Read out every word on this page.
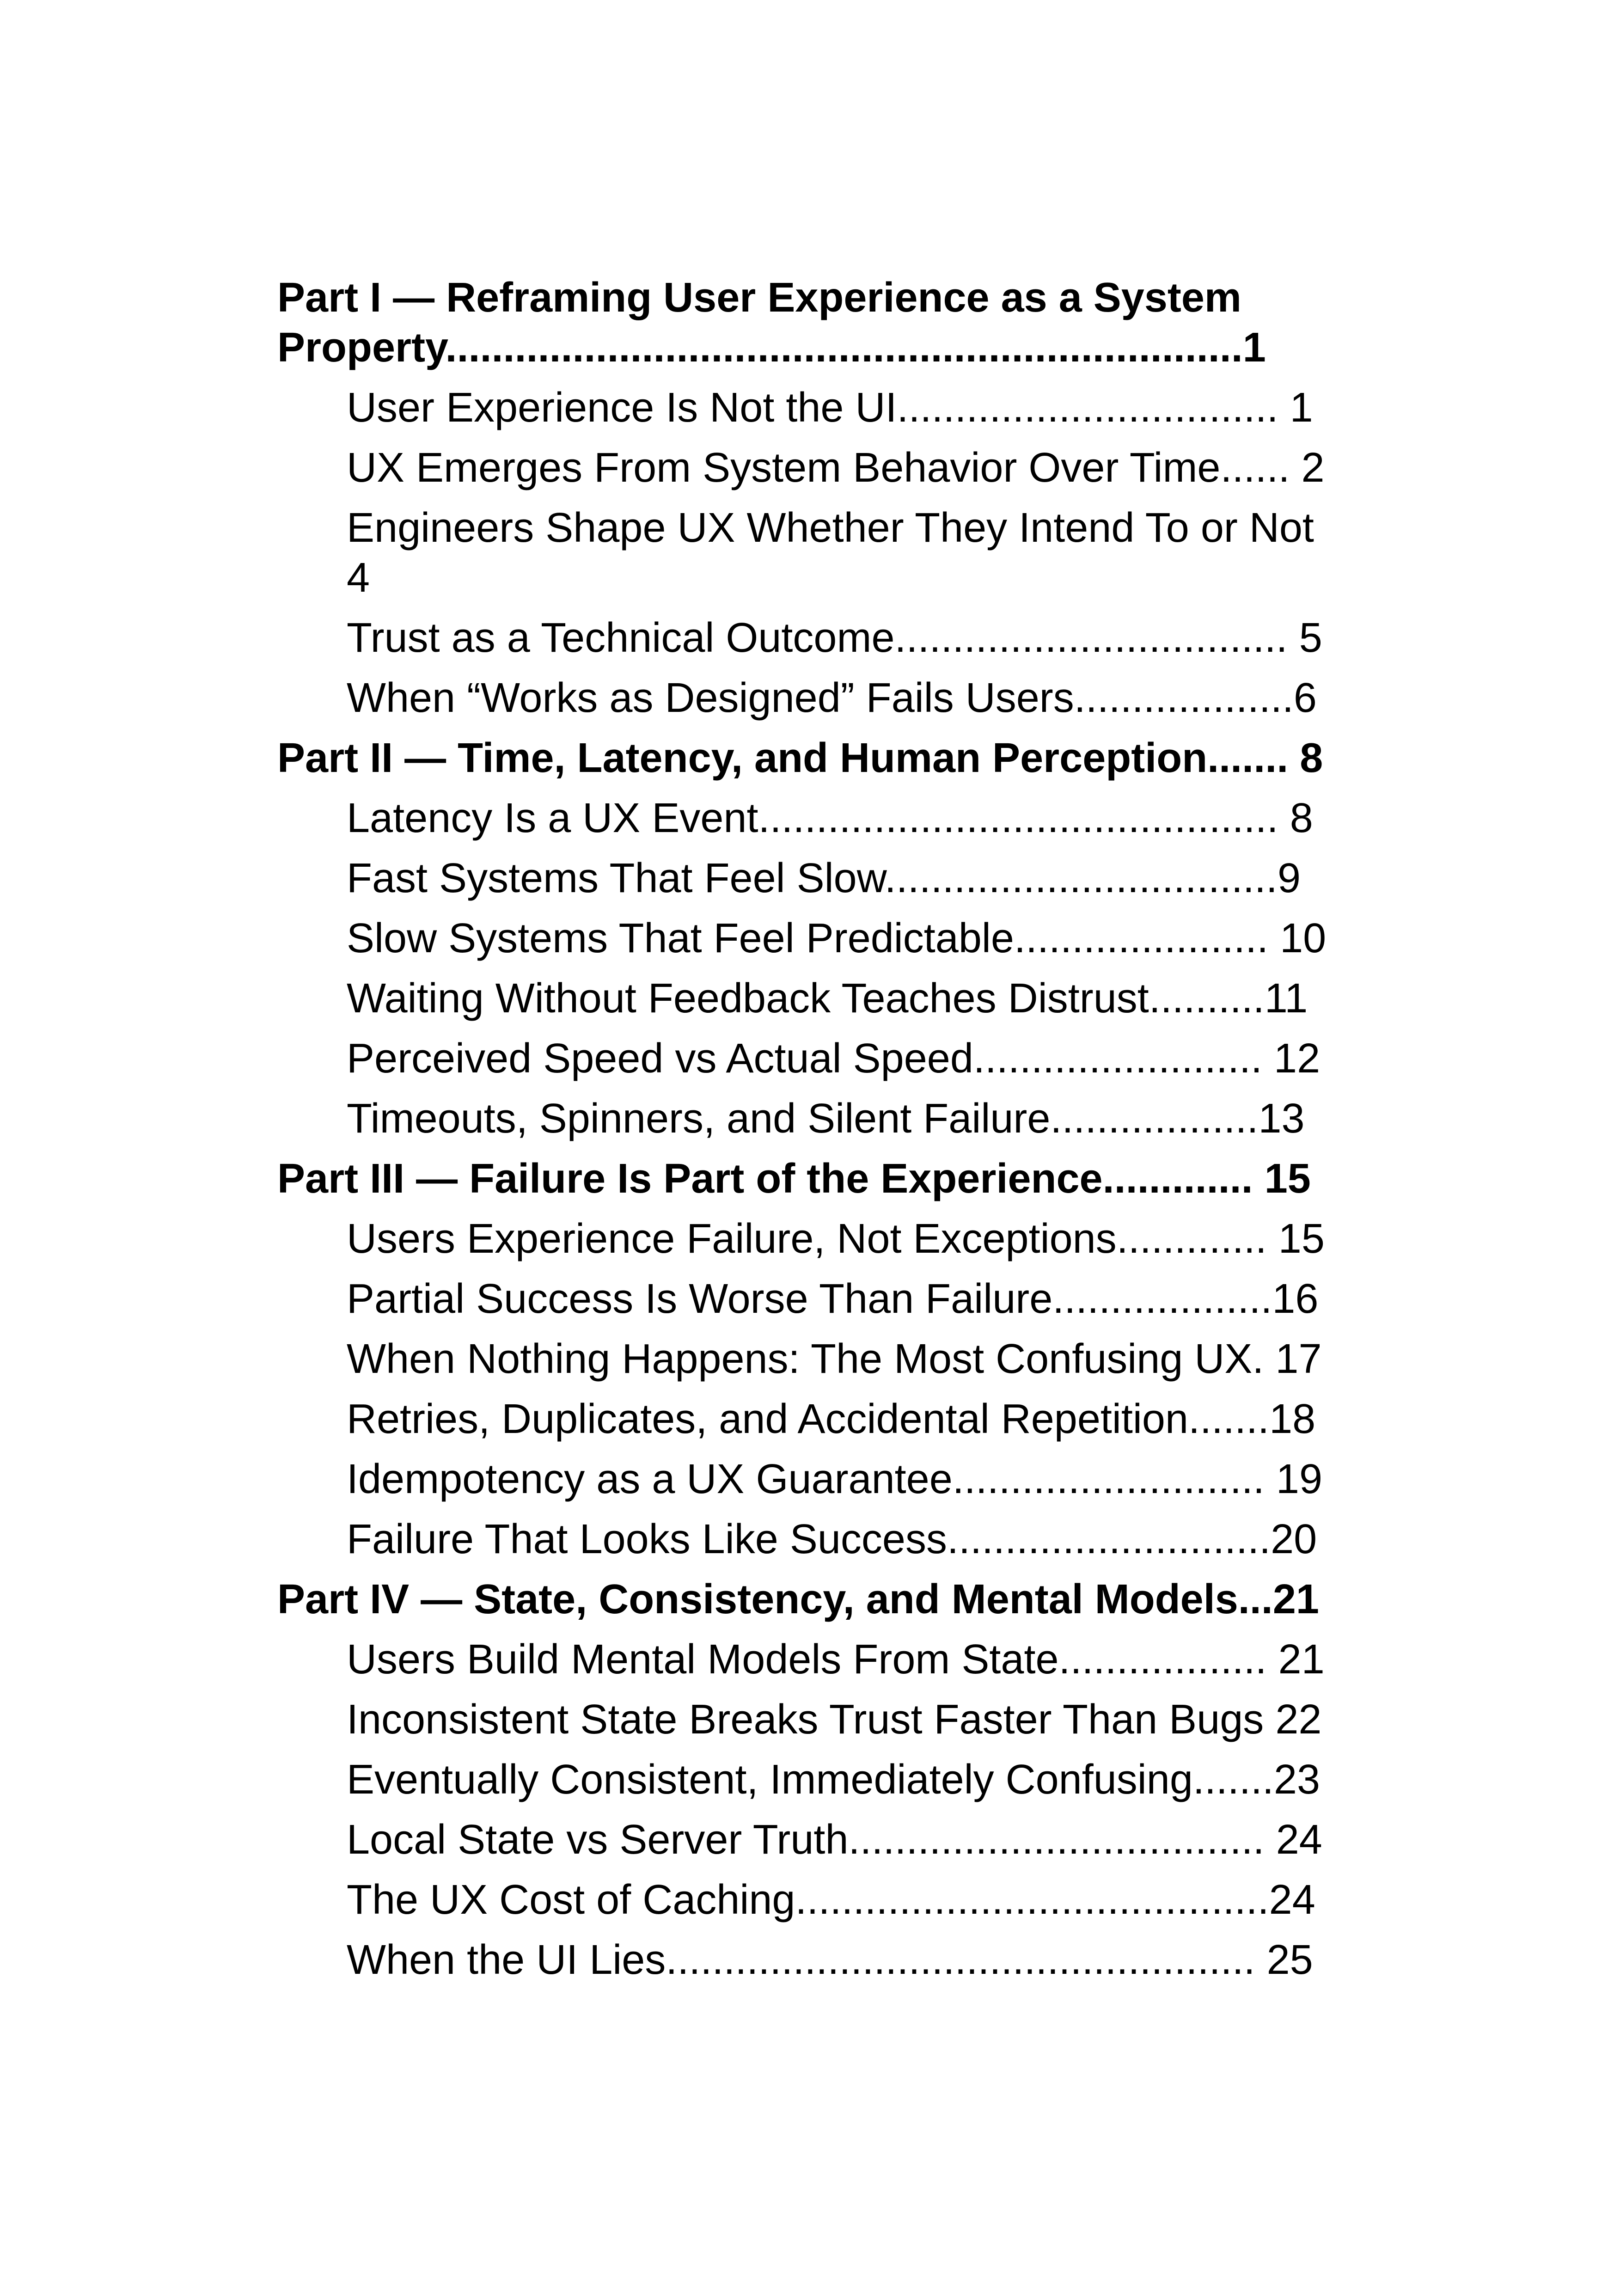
Part I — Reframing User Experience as a System Property.....................................................................1
User Experience Is Not the UI................................. 1
UX Emerges From System Behavior Over Time...... 2
Engineers Shape UX Whether They Intend To or Not 4
Trust as a Technical Outcome.................................. 5
When “Works as Designed” Fails Users...................6
Part II — Time, Latency, and Human Perception....... 8
Latency Is a UX Event............................................. 8
Fast Systems That Feel Slow..................................9
Slow Systems That Feel Predictable...................... 10
Waiting Without Feedback Teaches Distrust..........11
Perceived Speed vs Actual Speed......................... 12
Timeouts, Spinners, and Silent Failure..................13
Part III — Failure Is Part of the Experience............. 15
Users Experience Failure, Not Exceptions............. 15
Partial Success Is Worse Than Failure...................16
When Nothing Happens: The Most Confusing UX. 17
Retries, Duplicates, and Accidental Repetition.......18
Idempotency as a UX Guarantee........................... 19
Failure That Looks Like Success............................20
Part IV — State, Consistency, and Mental Models...21
Users Build Mental Models From State.................. 21
Inconsistent State Breaks Trust Faster Than Bugs 22
Eventually Consistent, Immediately Confusing.......23
Local State vs Server Truth.................................... 24
The UX Cost of Caching.........................................24
When the UI Lies................................................... 25
